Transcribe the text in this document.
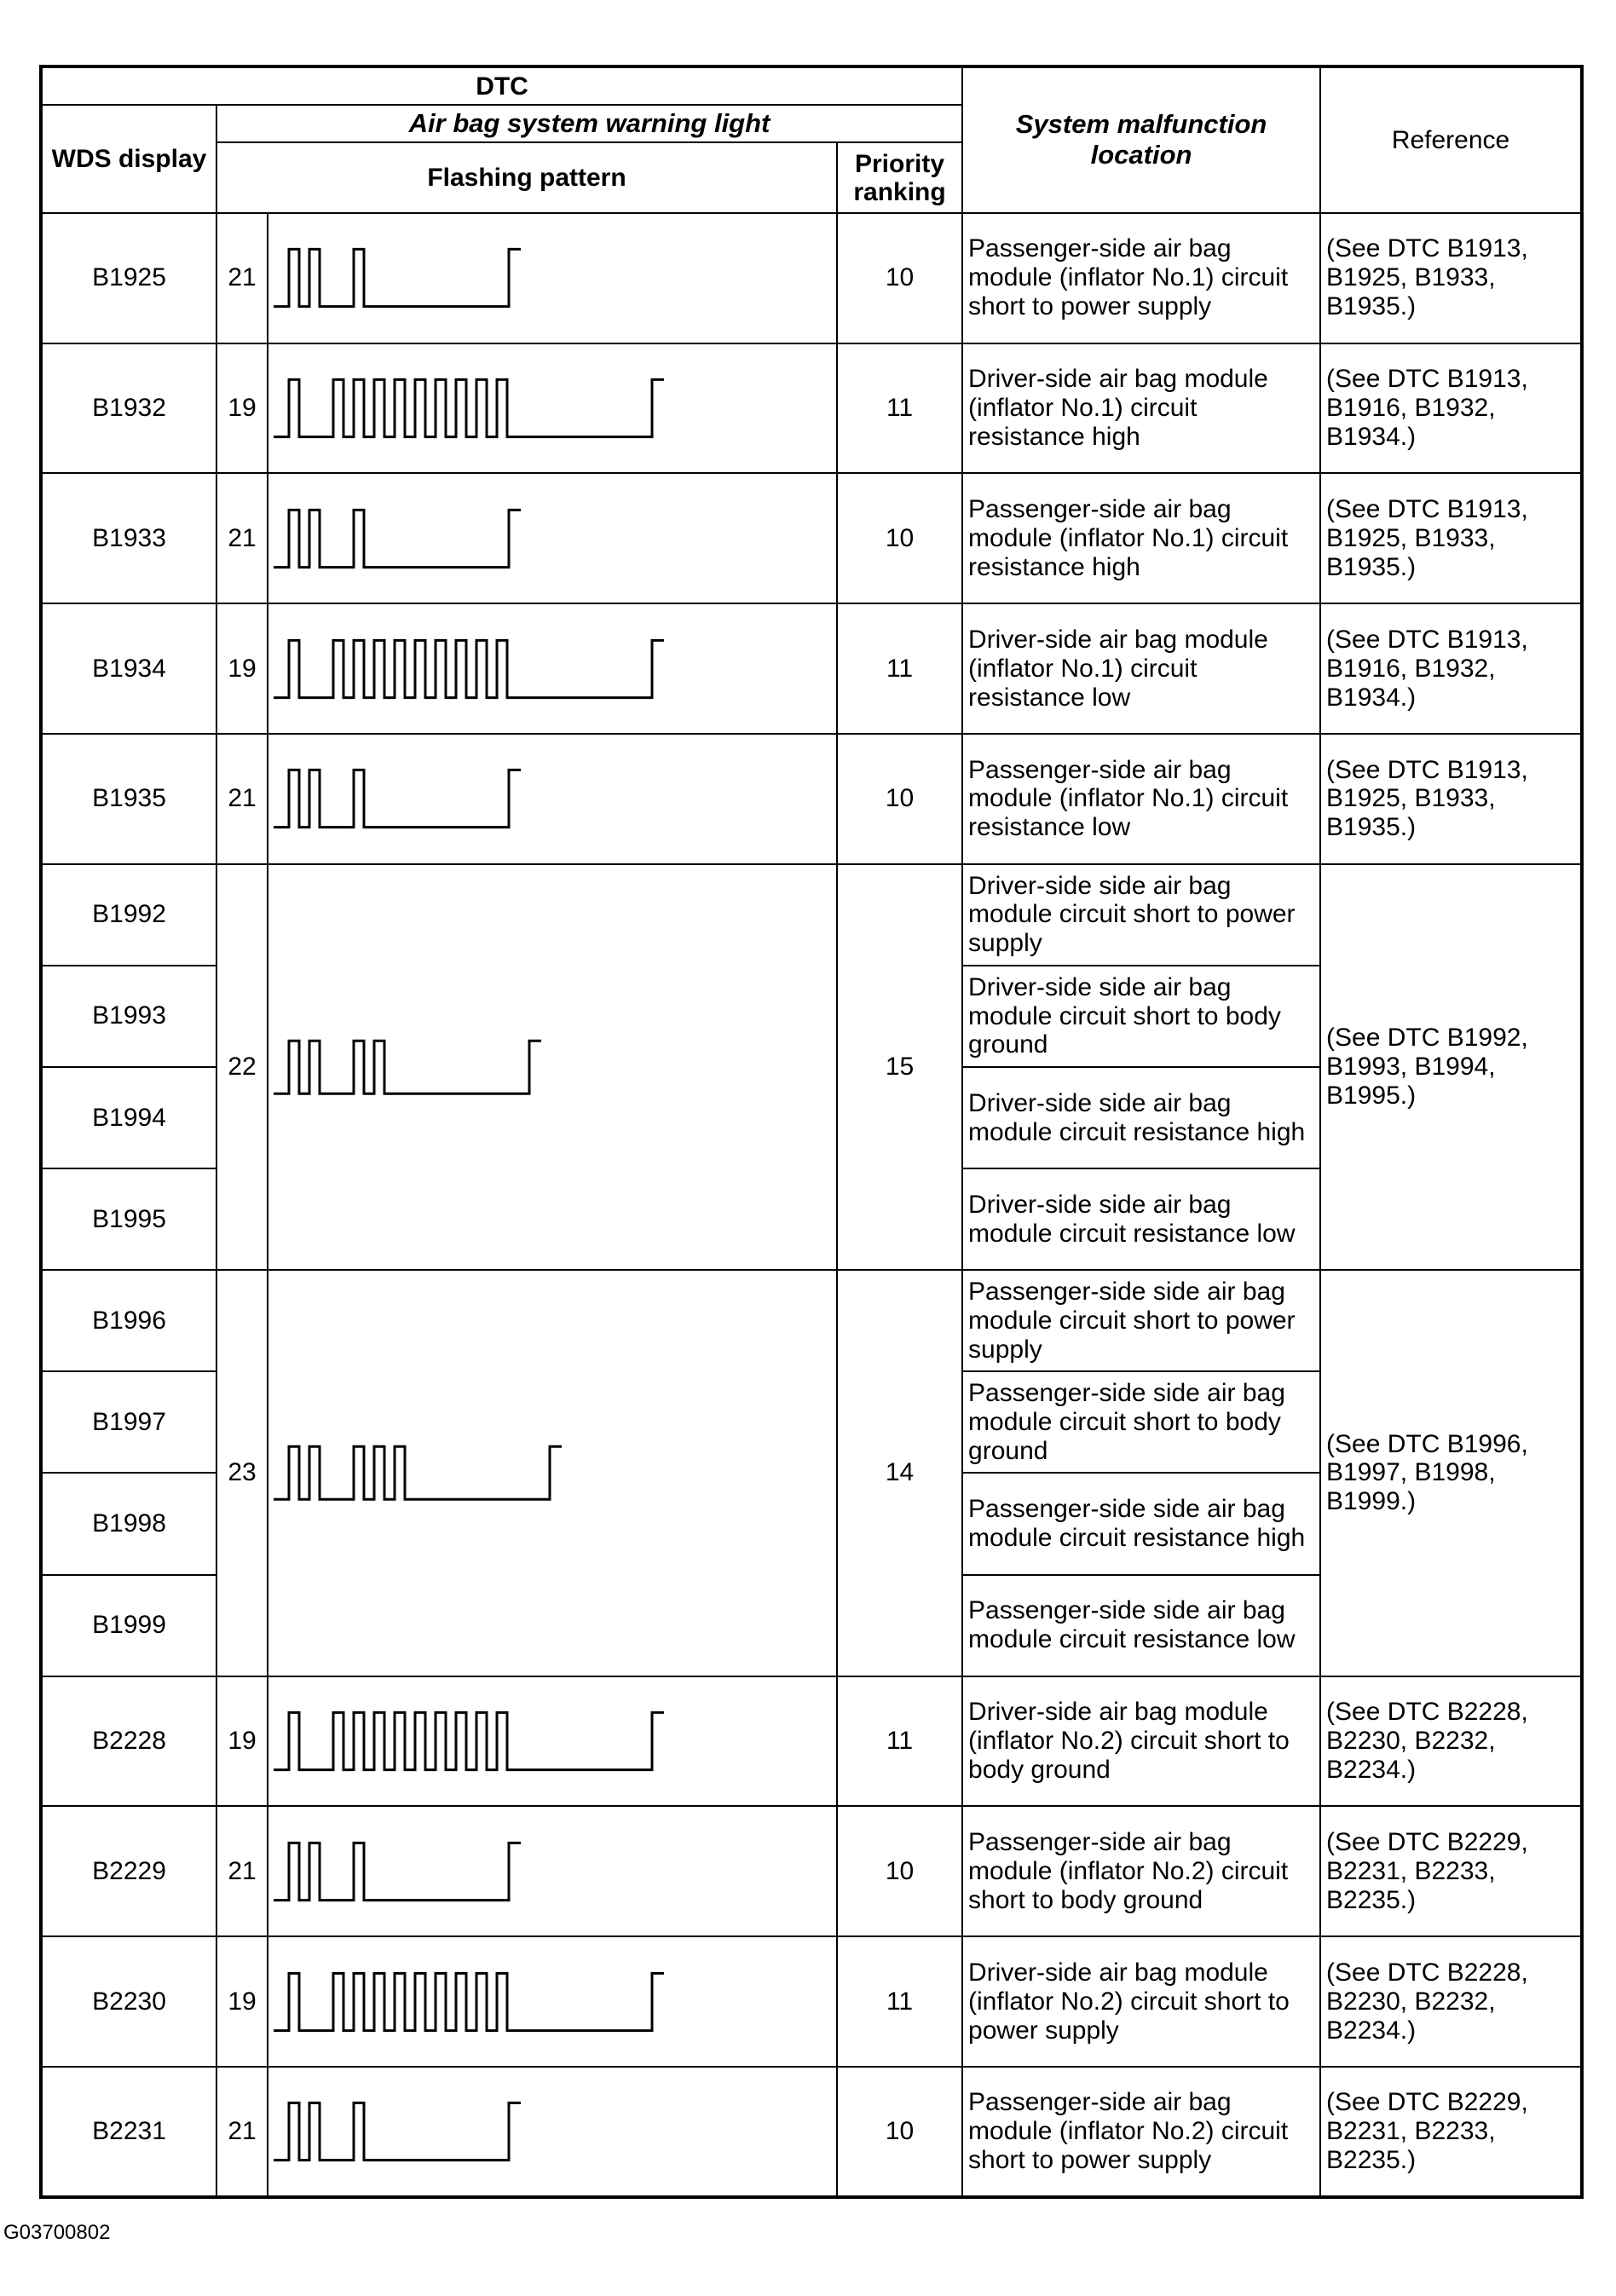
DTC				System malfunction location	Reference
WDS display	Air bag system warning light				
	Flashing pattern		Priority ranking		
B1925	21		10	Passenger-side air bag module (inflator No.1) circuit short to power supply	(See DTC B1913, B1925, B1933, B1935.)
B1932	19		11	Driver-side air bag module (inflator No.1) circuit resistance high	(See DTC B1913, B1916, B1932, B1934.)
B1933	21		10	Passenger-side air bag module (inflator No.1) circuit resistance high	(See DTC B1913, B1925, B1933, B1935.)
B1934	19		11	Driver-side air bag module (inflator No.1) circuit resistance low	(See DTC B1913, B1916, B1932, B1934.)
B1935	21		10	Passenger-side air bag module (inflator No.1) circuit resistance low	(See DTC B1913, B1925, B1933, B1935.)
B1992	22		15	Driver-side side air bag module circuit short to power supply	(See DTC B1992, B1993, B1994, B1995.)
B1993				Driver-side side air bag module circuit short to body ground	
B1994				Driver-side side air bag module circuit resistance high	
B1995				Driver-side side air bag module circuit resistance low	
B1996	23		14	Passenger-side side air bag module circuit short to power supply	(See DTC B1996, B1997, B1998, B1999.)
B1997				Passenger-side side air bag module circuit short to body ground	
B1998				Passenger-side side air bag module circuit resistance high	
B1999				Passenger-side side air bag module circuit resistance low	
B2228	19		11	Driver-side air bag module (inflator No.2) circuit short to body ground	(See DTC B2228, B2230, B2232, B2234.)
B2229	21		10	Passenger-side air bag module (inflator No.2) circuit short to body ground	(See DTC B2229, B2231, B2233, B2235.)
B2230	19		11	Driver-side air bag module (inflator No.2) circuit short to power supply	(See DTC B2228, B2230, B2232, B2234.)
B2231	21		10	Passenger-side air bag module (inflator No.2) circuit short to power supply	(See DTC B2229, B2231, B2233, B2235.)
G03700802
